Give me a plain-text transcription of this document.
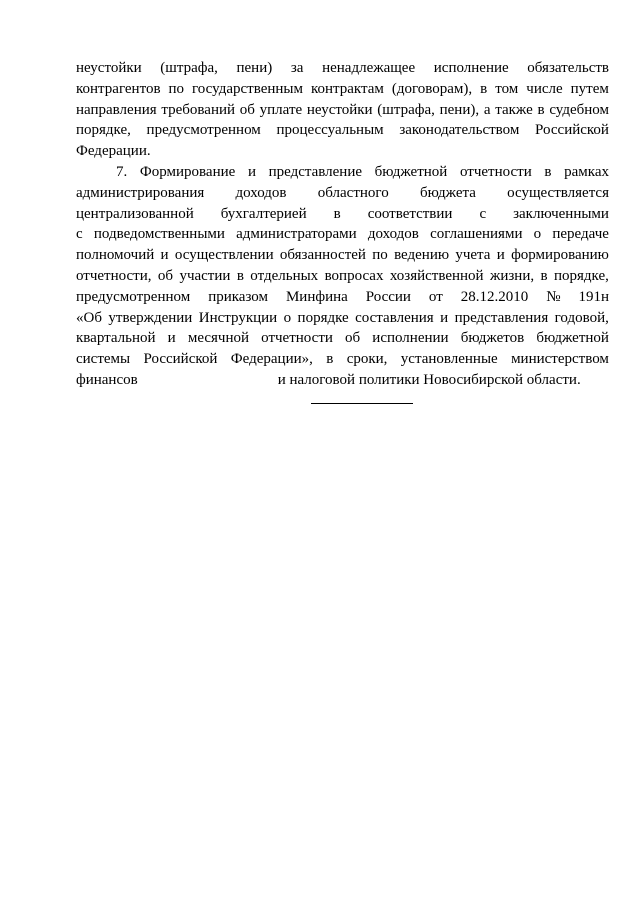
неустойки (штрафа, пени) за ненадлежащее исполнение обязательств
контрагентов по государственным контрактам (договорам), в том числе путем
направления требований об уплате неустойки (штрафа, пени), а также в судебном
порядке, предусмотренном процессуальным законодательством Российской
Федерации.
7. Формирование и представление бюджетной отчетности в рамках
администрирования доходов областного бюджета осуществляется
централизованной бухгалтерией в соответствии с заключенными
с подведомственными администраторами доходов соглашениями о передаче
полномочий и осуществлении обязанностей по ведению учета и формированию
отчетности, об участии в отдельных вопросах хозяйственной жизни, в порядке,
предусмотренном приказом Минфина России от 28.12.2010 № 191н
«Об утверждении Инструкции о порядке составления и представления годовой,
квартальной и месячной отчетности об исполнении бюджетов бюджетной
системы Российской Федерации», в сроки, установленные министерством
финансов	и налоговой политики Новосибирской области.
